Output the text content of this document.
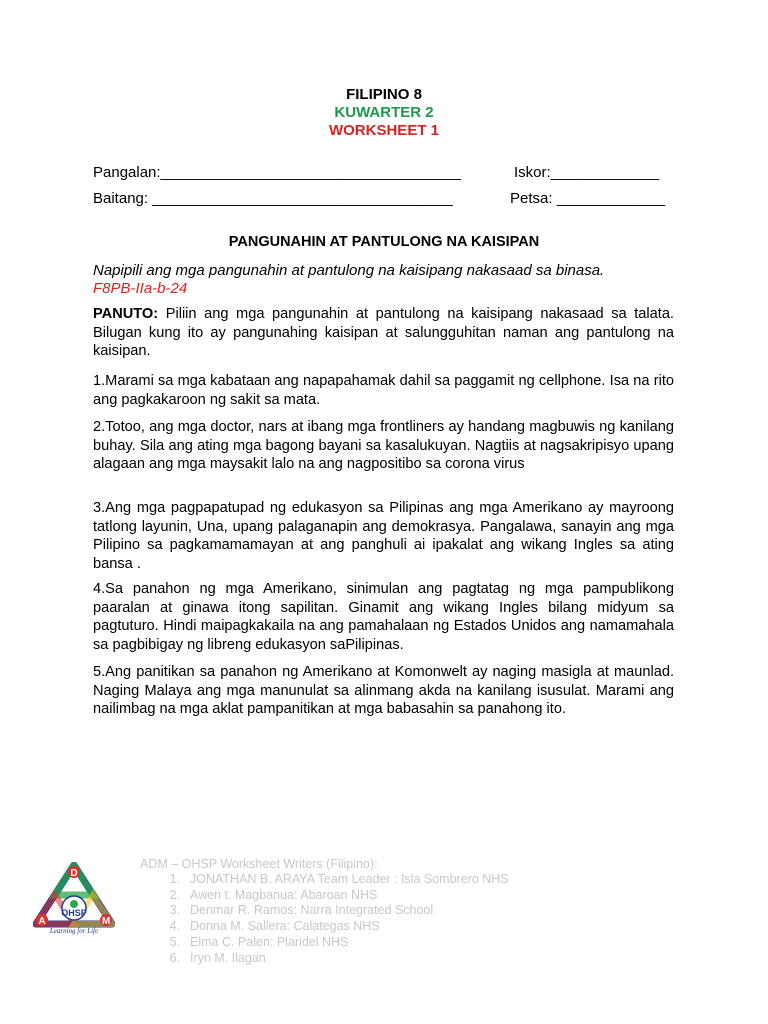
FILIPINO 8
KUWARTER 2
WORKSHEET 1
Pangalan:____________________________________	Iskor:_____________
Baitang: ____________________________________	Petsa: _____________
PANGUNAHIN AT PANTULONG NA KAISIPAN
Napipili ang mga pangunahin at pantulong na kaisipang nakasaad sa binasa.
F8PB-IIa-b-24
PANUTO: Piliin ang mga pangunahin at pantulong na kaisipang nakasaad sa talata. Bilugan kung ito ay pangunahing kaisipan at salungguhitan naman ang pantulong na kaisipan.
1.Marami sa mga kabataan ang napapahamak dahil sa paggamit ng cellphone. Isa na rito ang pagkakaroon ng sakit sa mata.
2.Totoo, ang mga doctor, nars at ibang mga frontliners ay handang magbuwis ng kanilang buhay. Sila ang ating mga bagong bayani sa kasalukuyan. Nagtiis at nagsakripisyo upang alagaan ang mga maysakit lalo na ang nagpositibo sa corona virus
3.Ang mga pagpapatupad ng edukasyon sa Pilipinas ang mga Amerikano ay mayroong tatlong layunin, Una, upang palaganapin ang demokrasya. Pangalawa, sanayin ang mga Pilipino sa pagkamamamayan at ang panghuli ai ipakalat ang wikang Ingles sa ating bansa .
4.Sa panahon ng mga Amerikano, sinimulan ang pagtatag ng mga pampublikong paaralan at ginawa itong sapilitan. Ginamit ang wikang Ingles bilang midyum sa pagtuturo. Hindi maipagkakaila na ang pamahalaan ng Estados Unidos ang namamahala sa pagbibigay ng libreng edukasyon saPilipinas.
5.Ang panitikan sa panahon ng Amerikano at Komonwelt ay naging masigla at maunlad. Naging Malaya ang mga manunulat sa alinmang akda na kanilang isusulat. Marami ang nailimbag na mga aklat pampanitikan at mga babasahin sa panahong ito.
OHSP
D
A	M
Learning for Life
ADM – OHSP Worksheet Writers (Filipino):
1. JONATHAN B. ARAYA Team Leader : Isla Sombrero NHS
2. Awen t. Magbanua: Abaroan NHS
3. Denmar R. Ramos: Narra Integrated School
4. Donna M. Sallera: Calategas NHS
5. Elma C. Palen: Plaridel NHS
6. Iryn M. Ilagan
